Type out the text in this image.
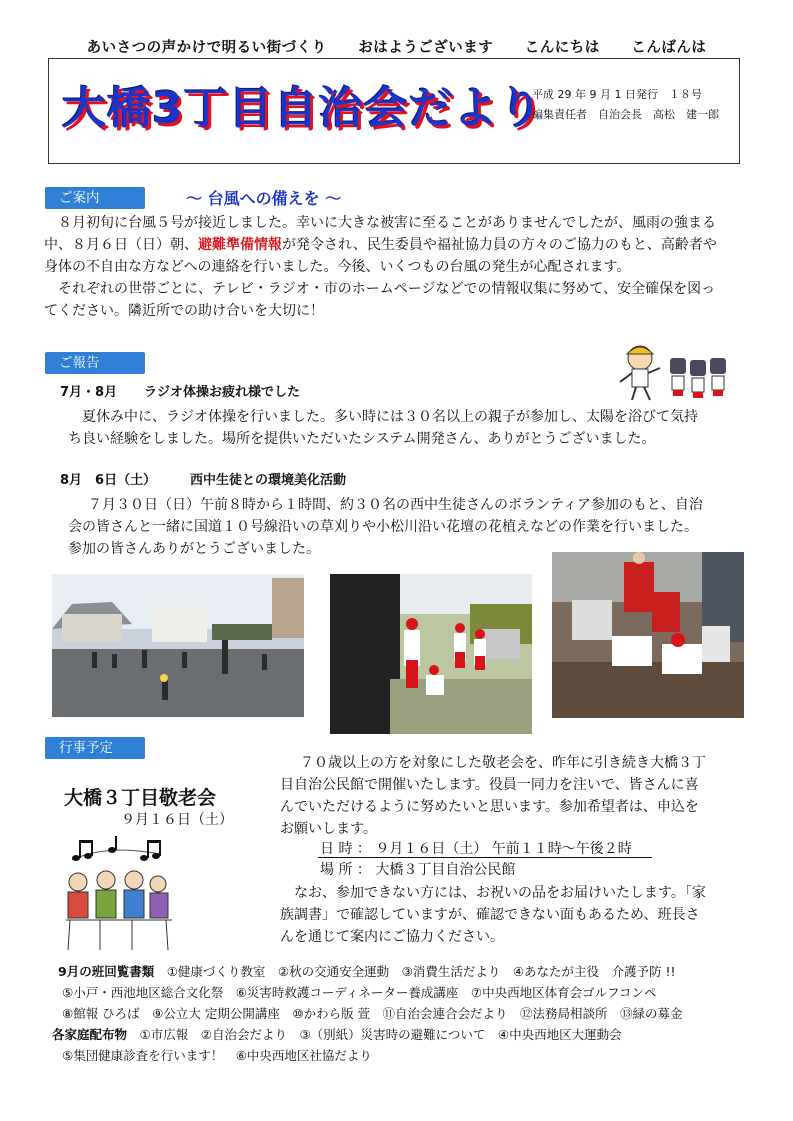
あいさつの声かけで明るい街づくり おはようございます こんにちは こんばんは
大橋3丁目自治会だより
平成 29 年 9 月 1 日発行　１８号
編集責任者　自治会長　高松　建一郎
ご案内	～ 台風への備えを ～
８月初旬に台風５号が接近しました。幸いに大きな被害に至ることがありませんでしたが、風雨の強まる
中、８月６日（日）朝、避難準備情報が発令され、民生委員や福祉協力員の方々のご協力のもと、高齢者や
身体の不自由な方などへの連絡を行いました。今後、いくつもの台風の発生が心配されます。
それぞれの世帯ごとに、テレビ・ラジオ・市のホームページなどでの情報収集に努めて、安全確保を図っ
てください。隣近所での助け合いを大切に！
ご報告
7月・8月 ラジオ体操お疲れ様でした
夏休み中に、ラジオ体操を行いました。多い時には３０名以上の親子が参加し、太陽を浴びて気持
ち良い経験をしました。場所を提供いただいたシステム開発さん、ありがとうございました。
8月　6日（土）	西中生徒との環境美化活動
７月３０日（日）午前８時から１時間、約３０名の西中生徒さんのボランティア参加のもと、自治
会の皆さんと一緒に国道１０号線沿いの草刈りや小松川沿い花壇の花植えなどの作業を行いました。
参加の皆さんありがとうございました。
行事予定
大橋３丁目敬老会
９月１６日（土）
７０歳以上の方を対象にした敬老会を、昨年に引き続き大橋３丁
目自治公民館で開催いたします。役員一同力を注いで、皆さんに喜
んでいただけるように努めたいと思います。参加希望者は、申込を
お願いします。
日 時 ： ９月１６日（土） 午前１１時～午後２時
場 所 ： 大橋３丁目自治公民館
なお、参加できない方には、お祝いの品をお届けいたします。「家
族調書」で確認していますが、確認できない面もあるため、班長さ
んを通じて案内にご協力ください。
9月の班回覧書類　 ①健康づくり教室　②秋の交通安全運動　③消費生活だより　④あなたが主役　介護予防 !!
⑤小戸・西池地区総合文化祭　⑥災害時救護コーディネーター養成講座　⑦中央西地区体育会ゴルフコンペ
⑧館報 ひろば　⑨公立大 定期公開講座　⑩かわら版 萱　⑪自治会連合会だより　⑫法務局相談所　⑬緑の募金
各家庭配布物　 ①市広報　②自治会だより　③（別紙）災害時の避難について　④中央西地区大運動会
⑤集団健康診査を行います！　⑥中央西地区社協だより
